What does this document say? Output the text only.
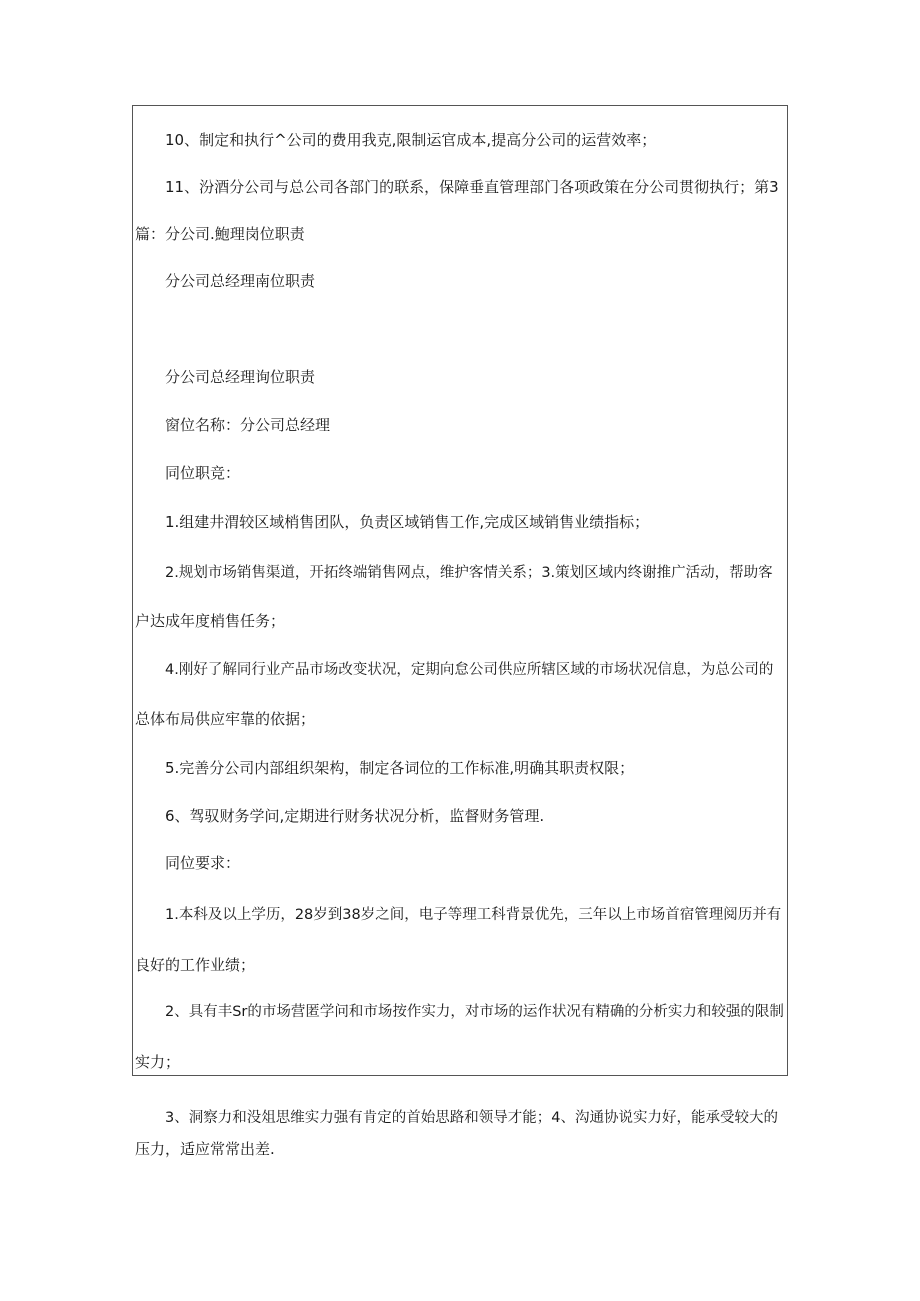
10、制定和执行^公司的费用我克,限制运官成本,提高分公司的运营效率；
11、汾酒分公司与总公司各部门的联系，保障垂直管理部门各项政策在分公司贯彻执行；第3
篇：分公司.鮑理岗位职责
分公司总经理南位职责
分公司总经理询位职责
窗位名称：分公司总经理
同位职竞：
1.组建井渭较区域梢售团队，负责区域销售工作,完成区域销售业绩指标；
2.规划市场销售渠道，开拓终端销售网点，维护客情关系；3.策划区域内终谢推广活动，帮助客
户达成年度梢售任务；
4.刚好了解同行业产品市场改变状况，定期向怠公司供应所辖区域的市场状况信息，为总公司的
总体布局供应牢靠的依据；
5.完善分公司内部组织架构，制定各词位的工作标准,明确其职责权限；
6、驾驭财务学问,定期进行财务状况分析，监督财务管理.
同位要求：
1.本科及以上学历，28岁到38岁之间，电子等理工科背景优先，三年以上市场首宿管理阅历并有
良好的工作业绩；
2、具有丰Sr的市场营匿学问和市场按作实力，对市场的运作状况有精确的分析实力和较强的限制
实力；
3、洞察力和没俎思维实力强有肯定的首始思路和领导才能；4、沟通协说实力好，能承受较大的
压力，适应常常出差.
